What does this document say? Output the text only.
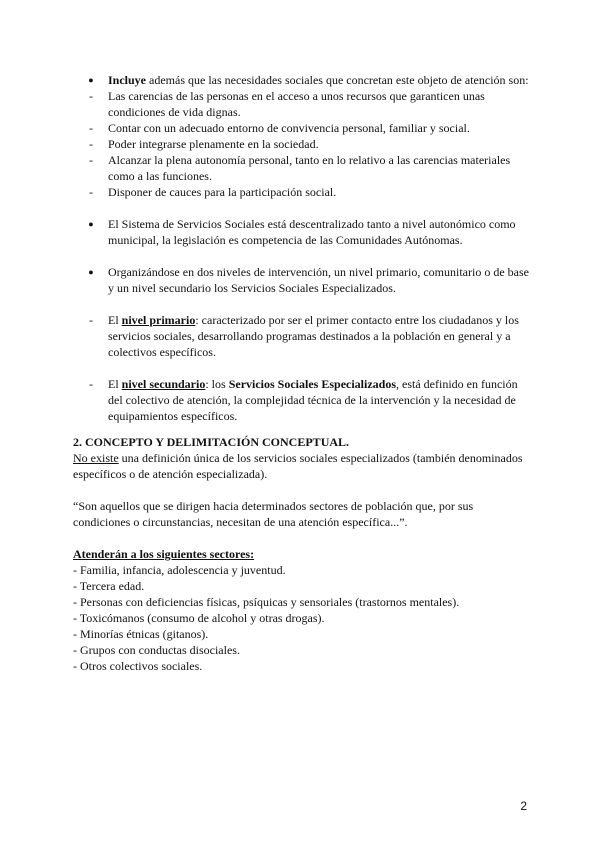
● Incluye además que las necesidades sociales que concretan este objeto de atención son:
- Las carencias de las personas en el acceso a unos recursos que garanticen unas condiciones de vida dignas.
- Contar con un adecuado entorno de convivencia personal, familiar y social.
- Poder integrarse plenamente en la sociedad.
- Alcanzar la plena autonomía personal, tanto en lo relativo a las carencias materiales como a las funciones.
- Disponer de cauces para la participación social.
● El Sistema de Servicios Sociales está descentralizado tanto a nivel autonómico como municipal, la legislación es competencia de las Comunidades Autónomas.
● Organizándose en dos niveles de intervención, un nivel primario, comunitario o de base y un nivel secundario los Servicios Sociales Especializados.
- El nivel primario: caracterizado por ser el primer contacto entre los ciudadanos y los servicios sociales, desarrollando programas destinados a la población en general y a colectivos específicos.
- El nivel secundario: los Servicios Sociales Especializados, está definido en función del colectivo de atención, la complejidad técnica de la intervención y la necesidad de equipamientos específicos.
2. CONCEPTO Y DELIMITACIÓN CONCEPTUAL.
No existe una definición única de los servicios sociales especializados (también denominados específicos o de atención especializada).
“Son aquellos que se dirigen hacia determinados sectores de población que, por sus condiciones o circunstancias, necesitan de una atención específica...”.
Atenderán a los siguientes sectores:
- Familia, infancia, adolescencia y juventud.
- Tercera edad.
- Personas con deficiencias físicas, psíquicas y sensoriales (trastornos mentales).
- Toxicómanos (consumo de alcohol y otras drogas).
- Minorías étnicas (gitanos).
- Grupos con conductas disociales.
- Otros colectivos sociales.
2
